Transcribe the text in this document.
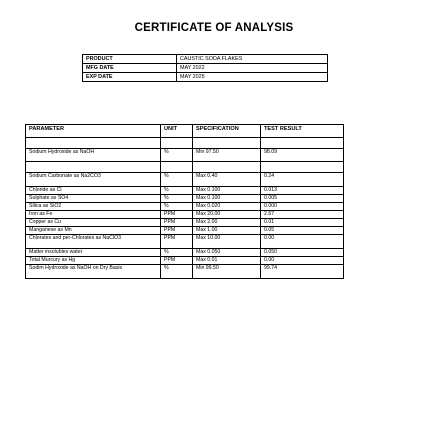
CERTIFICATE OF ANALYSIS
PRODUCT	CAUSTIC SODA FLAKES
MFG DATE	MAY 2022
EXP DATE	MAY 2025
PARAMETER	UNIT	SPECIFICATION	TEST RESULT

Sodium Hydroxide as NaOH	%	Min 97.50	98.09

Sodium Carbonate as Na2CO3	%	Max 0.40	0.24
Chloride as Cl	%	Max 0.100	0.013
Sulphate as SO4	%	Max 0.100	0.005
Silica as SiO2	%	Max 0.020	0.000
Iron as Fe	PPM	Max 20.00	2.67
Copper as Cu	PPM	Max 2.00	0.01
Manganese as Mn	PPM	Max 1.00	0.05
Chlorates and per-Chlorates as NaClO3	PPM	Max 10.00	0.00
Matter insolubles water	%	Max 0.050	0.050
Total Murcury as Hg	PPM	Max 0.01	0.00
Sodim Hydroxide as NaOH on Dry Basis	%	Min 99.50	99.74
